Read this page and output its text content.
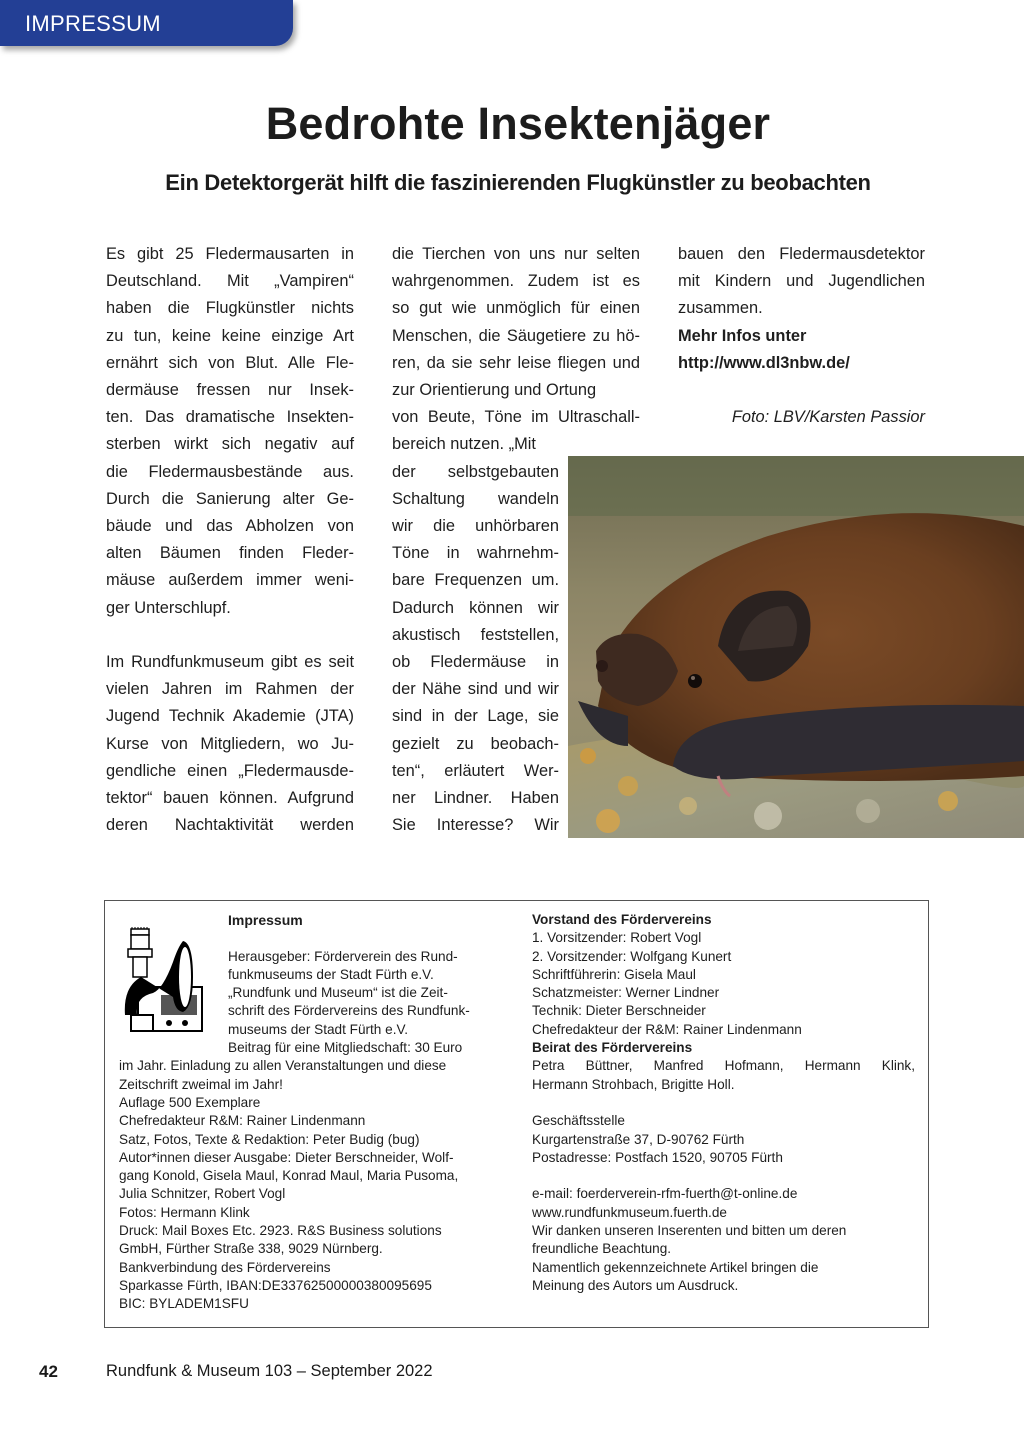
IMPRESSUM
Bedrohte Insektenjäger
Ein Detektorgerät hilft die faszinierenden Flugkünstler zu beobachten

Es gibt 25 Fledermausarten in
Deutschland. Mit „Vampiren“
haben die Flugkünstler nichts
zu tun, keine keine einzige Art
ernährt sich von Blut. Alle Fle-
dermäuse fressen nur Insek-
ten. Das dramatische Insekten-
sterben wirkt sich negativ auf
die Fledermausbestände aus.
Durch die Sanierung alter Ge-
bäude und das Abholzen von
alten Bäumen finden Fleder-
mäuse außerdem immer weni-
ger Unterschlupf.

Im Rundfunkmuseum gibt es seit
vielen Jahren im Rahmen der
Jugend Technik Akademie (JTA)
Kurse von Mitgliedern, wo Ju-
gendliche einen „Fledermausde-
tektor“ bauen können. Aufgrund
deren Nachtaktivität werden

die Tierchen von uns nur selten
wahrgenommen. Zudem ist es
so gut wie unmöglich für einen
Menschen, die Säugetiere zu hö-
ren, da sie sehr leise fliegen und
zur Orientierung und Ortung
von Beute, Töne im Ultraschall-
bereich nutzen. „Mit
der selbstgebauten
Schaltung wandeln
wir die unhörbaren
Töne in wahrnehm-
bare Frequenzen um.
Dadurch können wir
akustisch feststellen,
ob Fledermäuse in
der Nähe sind und wir
sind in der Lage, sie
gezielt zu beobach-
ten“, erläutert Wer-
ner Lindner. Haben
Sie Interesse? Wir

bauen den Fledermausdetektor
mit Kindern und Jugendlichen
zusammen.
Mehr Infos unter
http://www.dl3nbw.de/
Foto: LBV/Karsten Passior
Impressum
Herausgeber: Förderverein des Rund-
funkmuseums der Stadt Fürth e.V.
„Rundfunk und Museum“ ist die Zeit-
schrift des Fördervereins des Rundfunk-
museums der Stadt Fürth e.V.
Beitrag für eine Mitgliedschaft: 30 Euro
im Jahr. Einladung zu allen Veranstaltungen und diese
Zeitschrift zweimal im Jahr!
Auflage 500 Exemplare
Chefredakteur R&M: Rainer Lindenmann
Satz, Fotos, Texte & Redaktion: Peter Budig (bug)
Autor*innen dieser Ausgabe: Dieter Berschneider, Wolf-
gang Konold, Gisela Maul, Konrad Maul, Maria Pusoma,
Julia Schnitzer, Robert Vogl
Fotos: Hermann Klink
Druck: Mail Boxes Etc. 2923. R&S Business solutions
GmbH, Fürther Straße 338, 9029 Nürnberg.
Bankverbindung des Fördervereins
Sparkasse Fürth, IBAN:DE33762500000380095695
BIC: BYLADEM1SFU
Vorstand des Fördervereins
1. Vorsitzender: Robert Vogl
2. Vorsitzender: Wolfgang Kunert
Schriftführerin: Gisela Maul
Schatzmeister: Werner Lindner
Technik: Dieter Berschneider
Chefredakteur der R&M: Rainer Lindenmann
Beirat des Fördervereins
Petra Büttner, Manfred Hofmann, Hermann Klink,
Hermann Strohbach, Brigitte Holl.
Geschäftsstelle
Kurgartenstraße 37, D-90762 Fürth
Postadresse: Postfach 1520, 90705 Fürth
e-mail: foerderverein-rfm-fuerth@t-online.de
www.rundfunkmuseum.fuerth.de
Wir danken unseren Inserenten und bitten um deren
freundliche Beachtung.
Namentlich gekennzeichnete Artikel bringen die
Meinung des Autors um Ausdruck.
42	Rundfunk & Museum 103 – September 2022
